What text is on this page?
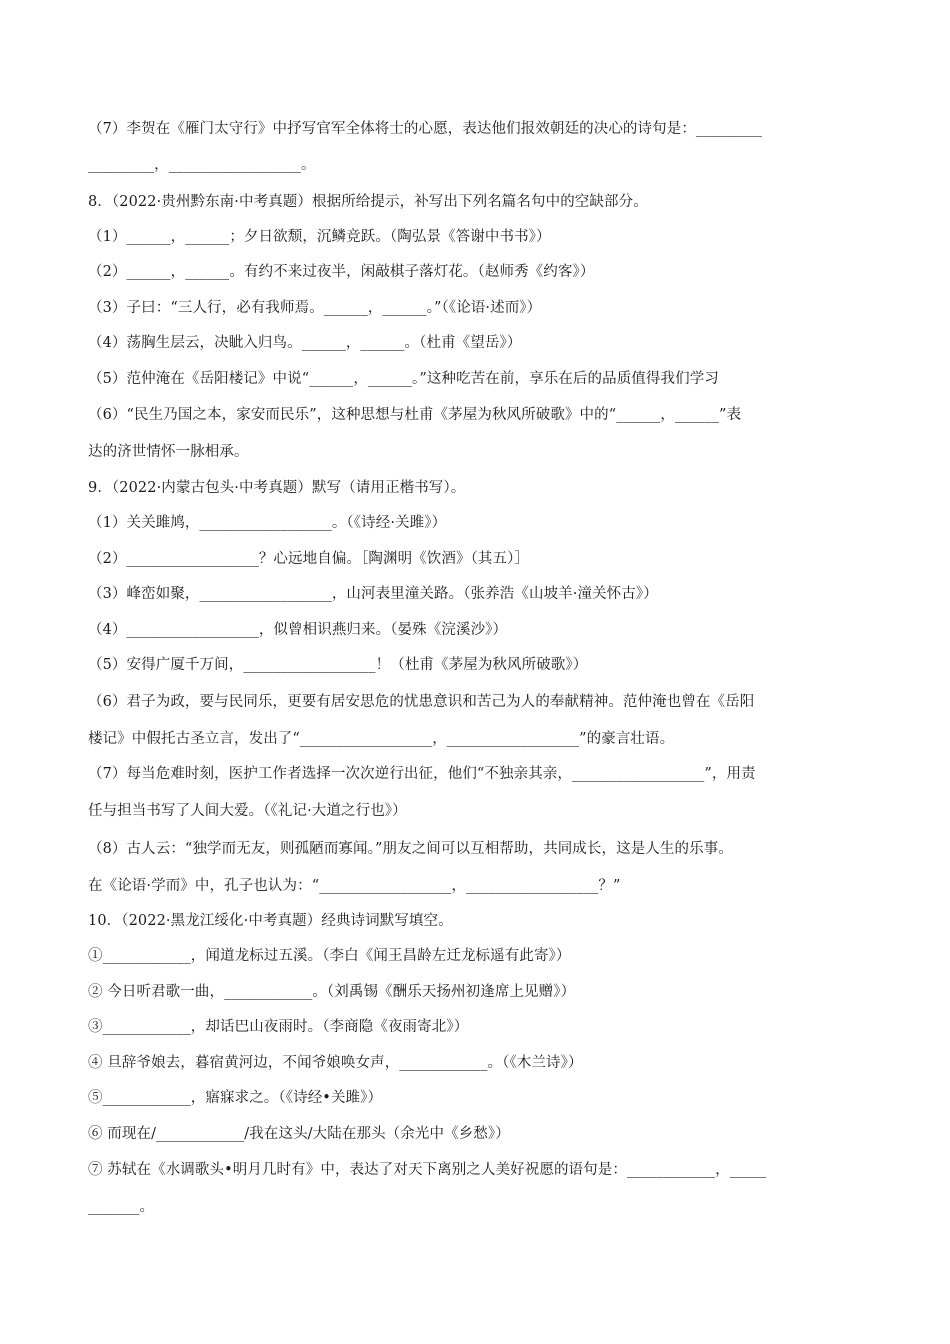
（7）李贺在《雁门太守行》中抒写官军全体将士的心愿，表达他们报效朝廷的决心的诗句是：_________
_________，__________________。
8．（2022·贵州黔东南·中考真题）根据所给提示，补写出下列名篇名句中的空缺部分。
（1）______，______；夕日欲颓，沉鳞竞跃。（陶弘景《答谢中书书》）
（2）______，______。有约不来过夜半，闲敲棋子落灯花。（赵师秀《约客》）
（3）子曰：“三人行，必有我师焉。______，______。”（《论语·述而》）
（4）荡胸生层云，决眦入归鸟。______，______。（杜甫《望岳》）
（5）范仲淹在《岳阳楼记》中说“______，______。”这种吃苦在前，享乐在后的品质值得我们学习
（6）“民生乃国之本，家安而民乐”，这种思想与杜甫《茅屋为秋风所破歌》中的“______，______”表
达的济世情怀一脉相承。
9．（2022·内蒙古包头·中考真题）默写（请用正楷书写）。
（1）关关雎鸠，__________________。（《诗经·关雎》）
（2）__________________？心远地自偏。［陶渊明《饮酒》（其五）］
（3）峰峦如聚，__________________，山河表里潼关路。（张养浩《山坡羊·潼关怀古》）
（4）__________________，似曾相识燕归来。（晏殊《浣溪沙》）
（5）安得广厦千万间，__________________！（杜甫《茅屋为秋风所破歌》）
（6）君子为政，要与民同乐，更要有居安思危的忧患意识和苦己为人的奉献精神。范仲淹也曾在《岳阳
楼记》中假托古圣立言，发出了“__________________，__________________”的豪言壮语。
（7）每当危难时刻，医护工作者选择一次次逆行出征，他们“不独亲其亲，__________________”，用责
任与担当书写了人间大爱。（《礼记·大道之行也》）
（8）古人云：“独学而无友，则孤陋而寡闻。”朋友之间可以互相帮助，共同成长，这是人生的乐事。
在《论语·学而》中，孔子也认为：“__________________，__________________？”
10．（2022·黑龙江绥化·中考真题）经典诗词默写填空。
①____________，闻道龙标过五溪。（李白《闻王昌龄左迁龙标遥有此寄》）
② 今日听君歌一曲，____________。（刘禹锡《酬乐天扬州初逢席上见赠》）
③____________，却话巴山夜雨时。（李商隐《夜雨寄北》）
④ 旦辞爷娘去，暮宿黄河边，不闻爷娘唤女声，____________。（《木兰诗》）
⑤____________，寤寐求之。（《诗经•关雎》）
⑥ 而现在/____________/我在这头/大陆在那头（余光中《乡愁》）
⑦ 苏轼在《水调歌头•明月几时有》中，表达了对天下离别之人美好祝愿的语句是：____________，_____
_______。
